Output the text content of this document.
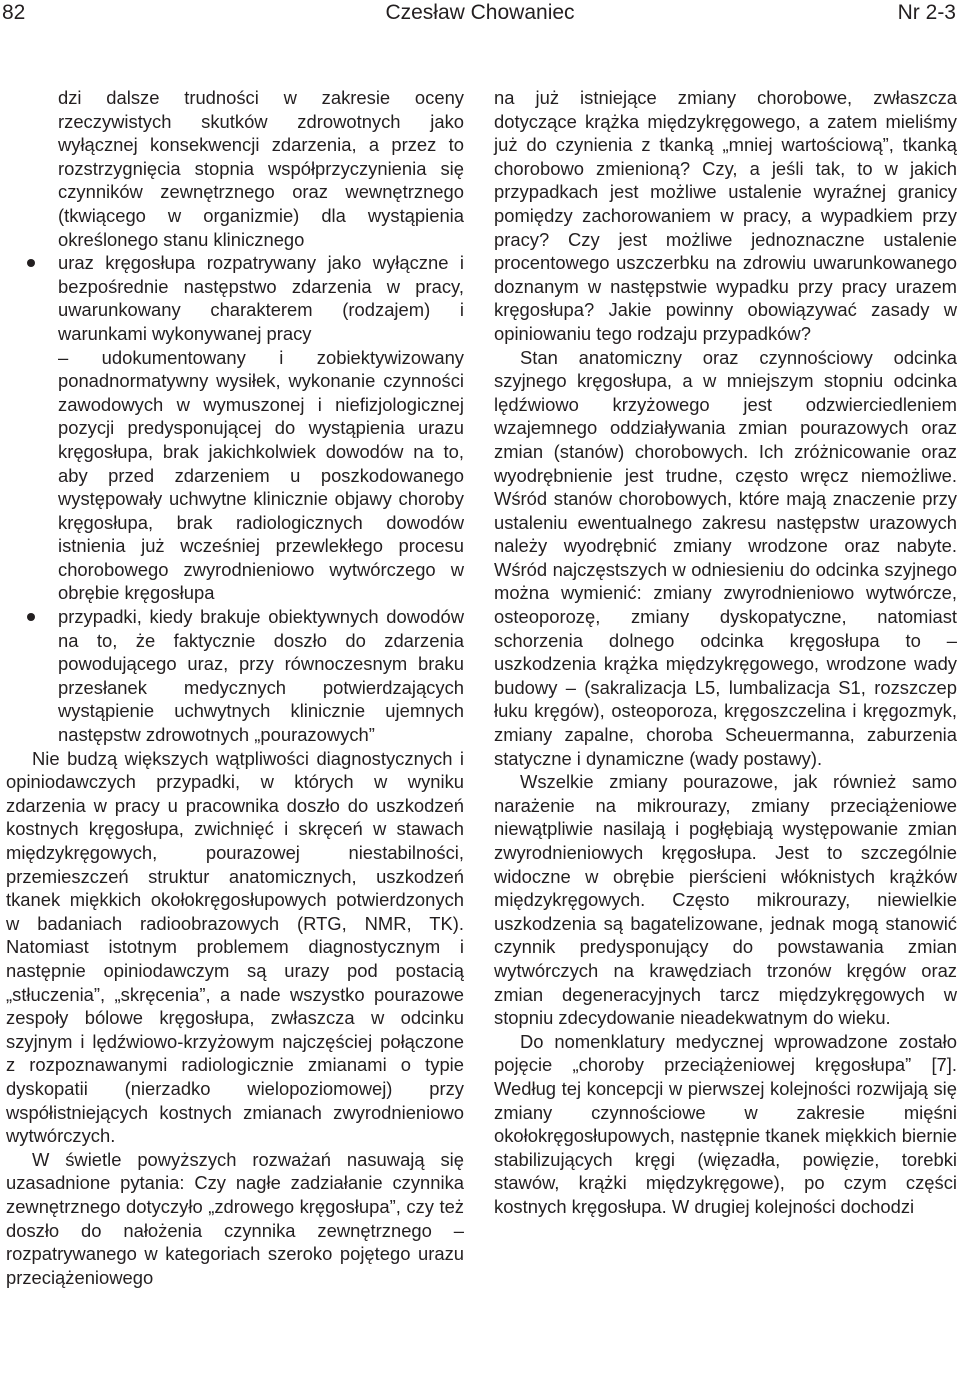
82	Czesław Chowaniec	Nr 2-3

dzi dalsze trudności w zakresie oceny rzeczywistych skutków zdrowotnych jako wyłącznej konsekwencji zdarzenia, a przez to rozstrzygnięcia stopnia współprzyczynienia się czynników zewnętrznego oraz wewnętrznego (tkwiącego w organizmie) dla wystąpienia określonego stanu klinicznego

uraz kręgosłupa rozpatrywany jako wyłączne i bezpośrednie następstwo zdarzenia w pracy, uwarunkowany charakterem (rodzajem) i warunkami wykonywanej pracy

– udokumentowany i zobiektywizowany ponadnormatywny wysiłek, wykonanie czynności zawodowych w wymuszonej i niefizjologicznej pozycji predysponującej do wystąpienia urazu kręgosłupa, brak jakichkolwiek dowodów na to, aby przed zdarzeniem u poszkodowanego występowały uchwytne klinicznie objawy choroby kręgosłupa, brak radiologicznych dowodów istnienia już wcześniej przewlekłego procesu chorobowego zwyrodnieniowo wytwórczego w obrębie kręgosłupa

przypadki, kiedy brakuje obiektywnych dowodów na to, że faktycznie doszło do zdarzenia powodującego uraz, przy równoczesnym braku przesłanek medycznych potwierdzających wystąpienie uchwytnych klinicznie ujemnych następstw zdrowotnych „pourazowych”

Nie budzą większych wątpliwości diagnostycznych i opiniodawczych przypadki, w których w wyniku zdarzenia w pracy u pracownika doszło do uszkodzeń kostnych kręgosłupa, zwichnięć i skręceń w stawach międzykręgowych, pourazowej niestabilności, przemieszczeń struktur anatomicznych, uszkodzeń tkanek miękkich okołokręgosłupowych potwierdzonych w badaniach radioobrazowych (RTG, NMR, TK). Natomiast istotnym problemem diagnostycznym i następnie opiniodawczym są urazy pod postacią „stłuczenia”, „skręcenia”, a nade wszystko pourazowe zespoły bólowe kręgosłupa, zwłaszcza w odcinku szyjnym i lędźwiowo-krzyżowym najczęściej połączone z rozpoznawanymi radiologicznie zmianami o typie dyskopatii (nierzadko wielopoziomowej) przy współistniejących kostnych zmianach zwyrodnieniowo wytwórczych.

W świetle powyższych rozważań nasuwają się uzasadnione pytania: Czy nagłe zadziałanie czynnika zewnętrznego dotyczyło „zdrowego kręgosłupa”, czy też doszło do nałożenia czynnika zewnętrznego – rozpatrywanego w kategoriach szeroko pojętego urazu przeciążeniowego

na już istniejące zmiany chorobowe, zwłaszcza dotyczące krążka międzykręgowego, a zatem mieliśmy już do czynienia z tkanką „mniej wartościową”, tkanką chorobowo zmienioną? Czy, a jeśli tak, to w jakich przypadkach jest możliwe ustalenie wyraźnej granicy pomiędzy zachorowaniem w pracy, a wypadkiem przy pracy? Czy jest możliwe jednoznaczne ustalenie procentowego uszczerbku na zdrowiu uwarunkowanego doznanym w następstwie wypadku przy pracy urazem kręgosłupa? Jakie powinny obowiązywać zasady w opiniowaniu tego rodzaju przypadków?

Stan anatomiczny oraz czynnościowy odcinka szyjnego kręgosłupa, a w mniejszym stopniu odcinka lędźwiowo krzyżowego jest odzwierciedleniem wzajemnego oddziaływania zmian pourazowych oraz zmian (stanów) chorobowych. Ich zróżnicowanie oraz wyodrębnienie jest trudne, często wręcz niemożliwe. Wśród stanów chorobowych, które mają znaczenie przy ustaleniu ewentualnego zakresu następstw urazowych należy wyodrębnić zmiany wrodzone oraz nabyte. Wśród najczęstszych w odniesieniu do odcinka szyjnego można wymienić: zmiany zwyrodnieniowo wytwórcze, osteoporozę, zmiany dyskopatyczne, natomiast schorzenia dolnego odcinka kręgosłupa to – uszkodzenia krążka międzykręgowego, wrodzone wady budowy – (sakralizacja L5, lumbalizacja S1, rozszczep łuku kręgów), osteoporoza, kręgoszczelina i kręgozmyk, zmiany zapalne, choroba Scheuermanna, zaburzenia statyczne i dynamiczne (wady postawy).

Wszelkie zmiany pourazowe, jak również samo narażenie na mikrourazy, zmiany przeciążeniowe niewątpliwie nasilają i pogłębiają występowanie zmian zwyrodnieniowych kręgosłupa. Jest to szczególnie widoczne w obrębie pierścieni włóknistych krążków międzykręgowych. Często mikrourazy, niewielkie uszkodzenia są bagatelizowane, jednak mogą stanowić czynnik predysponujący do powstawania zmian wytwórczych na krawędziach trzonów kręgów oraz zmian degeneracyjnych tarcz międzykręgowych w stopniu zdecydowanie nieadekwatnym do wieku.

Do nomenklatury medycznej wprowadzone zostało pojęcie „choroby przeciążeniowej kręgosłupa” [7]. Według tej koncepcji w pierwszej kolejności rozwijają się zmiany czynnościowe w zakresie mięśni okołokręgosłupowych, następnie tkanek miękkich biernie stabilizujących kręgi (więzadła, powięzie, torebki stawów, krążki międzykręgowe), po czym części kostnych kręgosłupa. W drugiej kolejności dochodzi
